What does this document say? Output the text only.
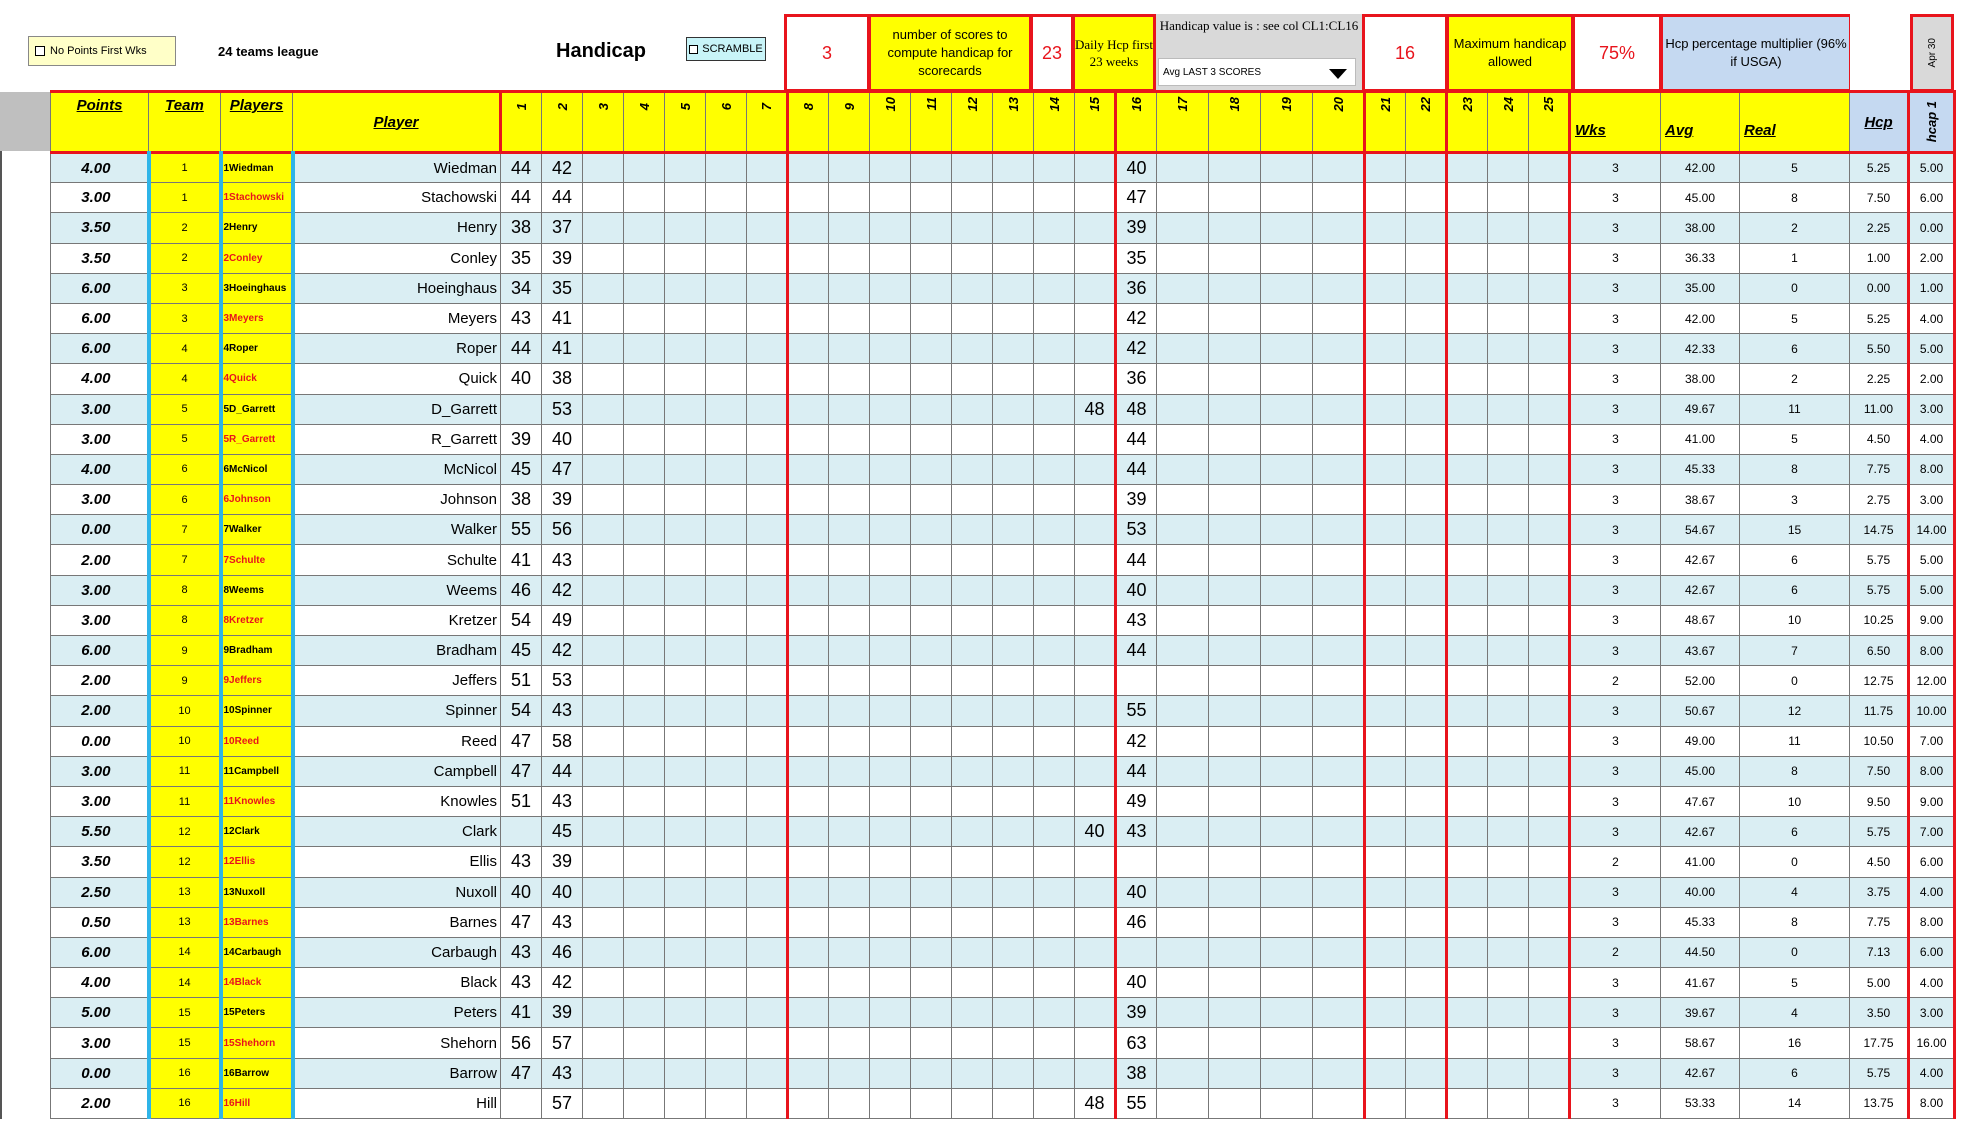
No Points First Wks	24 teams league	Handicap	SCRAMBLE	3
number of scores to compute handicap for scorecards
23 Daily Hcp first 23 weeks
Handicap value is : see col CL1:CL16
Avg LAST 3 SCORES
16	Maximum handicap allowed	75%	Hcp percentage multiplier (96% if USGA)	Apr 30
Points	Team	Players	Player	1	2	3	4	5	6	7	8	9	10	11	12	13	14	15	16	17	18	19	20	21	22	23	24	25	Wks	Avg	Real	Hcp	hcap 1
4.00	1	1Wiedman	Wiedman	44	42														40										3	42.00	5	5.25	5.00
3.00	1	1Stachowski	Stachowski	44	44														47										3	45.00	8	7.50	6.00
3.50	2	2Henry	Henry	38	37														39										3	38.00	2	2.25	0.00
3.50	2	2Conley	Conley	35	39														35										3	36.33	1	1.00	2.00
6.00	3	3Hoeinghaus	Hoeinghaus	34	35														36										3	35.00	0	0.00	1.00
6.00	3	3Meyers	Meyers	43	41														42										3	42.00	5	5.25	4.00
6.00	4	4Roper	Roper	44	41														42										3	42.33	6	5.50	5.00
4.00	4	4Quick	Quick	40	38														36										3	38.00	2	2.25	2.00
3.00	5	5D_Garrett	D_Garrett		53													48	48										3	49.67	11	11.00	3.00
3.00	5	5R_Garrett	R_Garrett	39	40														44										3	41.00	5	4.50	4.00
4.00	6	6McNicol	McNicol	45	47														44										3	45.33	8	7.75	8.00
3.00	6	6Johnson	Johnson	38	39														39										3	38.67	3	2.75	3.00
0.00	7	7Walker	Walker	55	56														53										3	54.67	15	14.75	14.00
2.00	7	7Schulte	Schulte	41	43														44										3	42.67	6	5.75	5.00
3.00	8	8Weems	Weems	46	42														40										3	42.67	6	5.75	5.00
3.00	8	8Kretzer	Kretzer	54	49														43										3	48.67	10	10.25	9.00
6.00	9	9Bradham	Bradham	45	42														44										3	43.67	7	6.50	8.00
2.00	9	9Jeffers	Jeffers	51	53																								2	52.00	0	12.75	12.00
2.00	10	10Spinner	Spinner	54	43														55										3	50.67	12	11.75	10.00
0.00	10	10Reed	Reed	47	58														42										3	49.00	11	10.50	7.00
3.00	11	11Campbell	Campbell	47	44														44										3	45.00	8	7.50	8.00
3.00	11	11Knowles	Knowles	51	43														49										3	47.67	10	9.50	9.00
5.50	12	12Clark	Clark		45													40	43										3	42.67	6	5.75	7.00
3.50	12	12Ellis	Ellis	43	39																								2	41.00	0	4.50	6.00
2.50	13	13Nuxoll	Nuxoll	40	40														40										3	40.00	4	3.75	4.00
0.50	13	13Barnes	Barnes	47	43														46										3	45.33	8	7.75	8.00
6.00	14	14Carbaugh	Carbaugh	43	46																								2	44.50	0	7.13	6.00
4.00	14	14Black	Black	43	42														40										3	41.67	5	5.00	4.00
5.00	15	15Peters	Peters	41	39														39										3	39.67	4	3.50	3.00
3.00	15	15Shehorn	Shehorn	56	57														63										3	58.67	16	17.75	16.00
0.00	16	16Barrow	Barrow	47	43														38										3	42.67	6	5.75	4.00
2.00	16	16Hill	Hill		57													48	55										3	53.33	14	13.75	8.00
